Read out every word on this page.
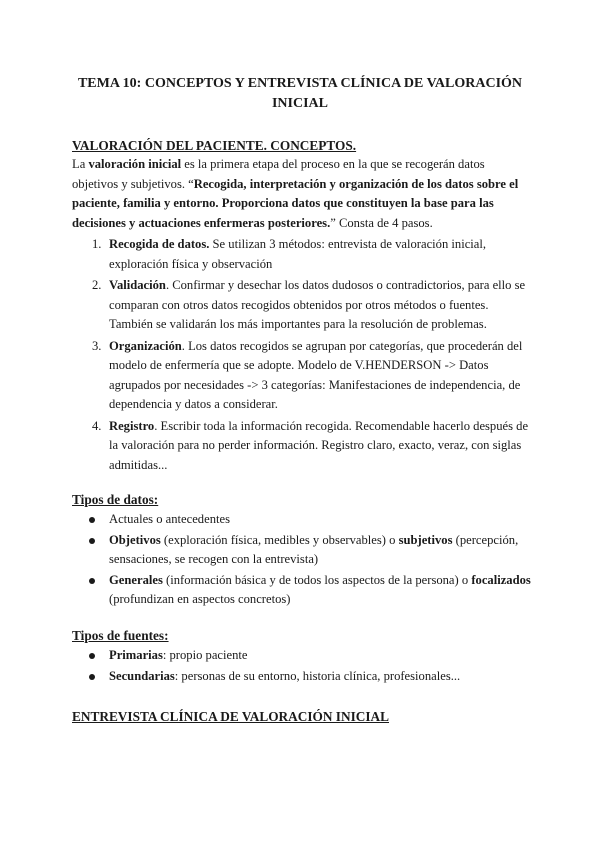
TEMA 10: CONCEPTOS Y ENTREVISTA CLÍNICA DE VALORACIÓN INICIAL
VALORACIÓN DEL PACIENTE. CONCEPTOS.
La valoración inicial es la primera etapa del proceso en la que se recogerán datos objetivos y subjetivos. “Recogida, interpretación y organización de los datos sobre el paciente, familia y entorno. Proporciona datos que constituyen la base para las decisiones y actuaciones enfermeras posteriores.” Consta de 4 pasos.
1. Recogida de datos. Se utilizan 3 métodos: entrevista de valoración inicial, exploración física y observación
2. Validación. Confirmar y desechar los datos dudosos o contradictorios, para ello se comparan con otros datos recogidos obtenidos por otros métodos o fuentes. También se validarán los más importantes para la resolución de problemas.
3. Organización. Los datos recogidos se agrupan por categorías, que procederán del modelo de enfermería que se adopte. Modelo de V.HENDERSON -> Datos agrupados por necesidades -> 3 categorías: Manifestaciones de independencia, de dependencia y datos a considerar.
4. Registro. Escribir toda la información recogida. Recomendable hacerlo después de la valoración para no perder información. Registro claro, exacto, veraz, con siglas admitidas...
Tipos de datos:
Actuales o antecedentes
Objetivos (exploración física, medibles y observables) o subjetivos (percepción, sensaciones, se recogen con la entrevista)
Generales (información básica y de todos los aspectos de la persona) o focalizados (profundizan en aspectos concretos)
Tipos de fuentes:
Primarias: propio paciente
Secundarias: personas de su entorno, historia clínica, profesionales...
ENTREVISTA CLÍNICA DE VALORACIÓN INICIAL
